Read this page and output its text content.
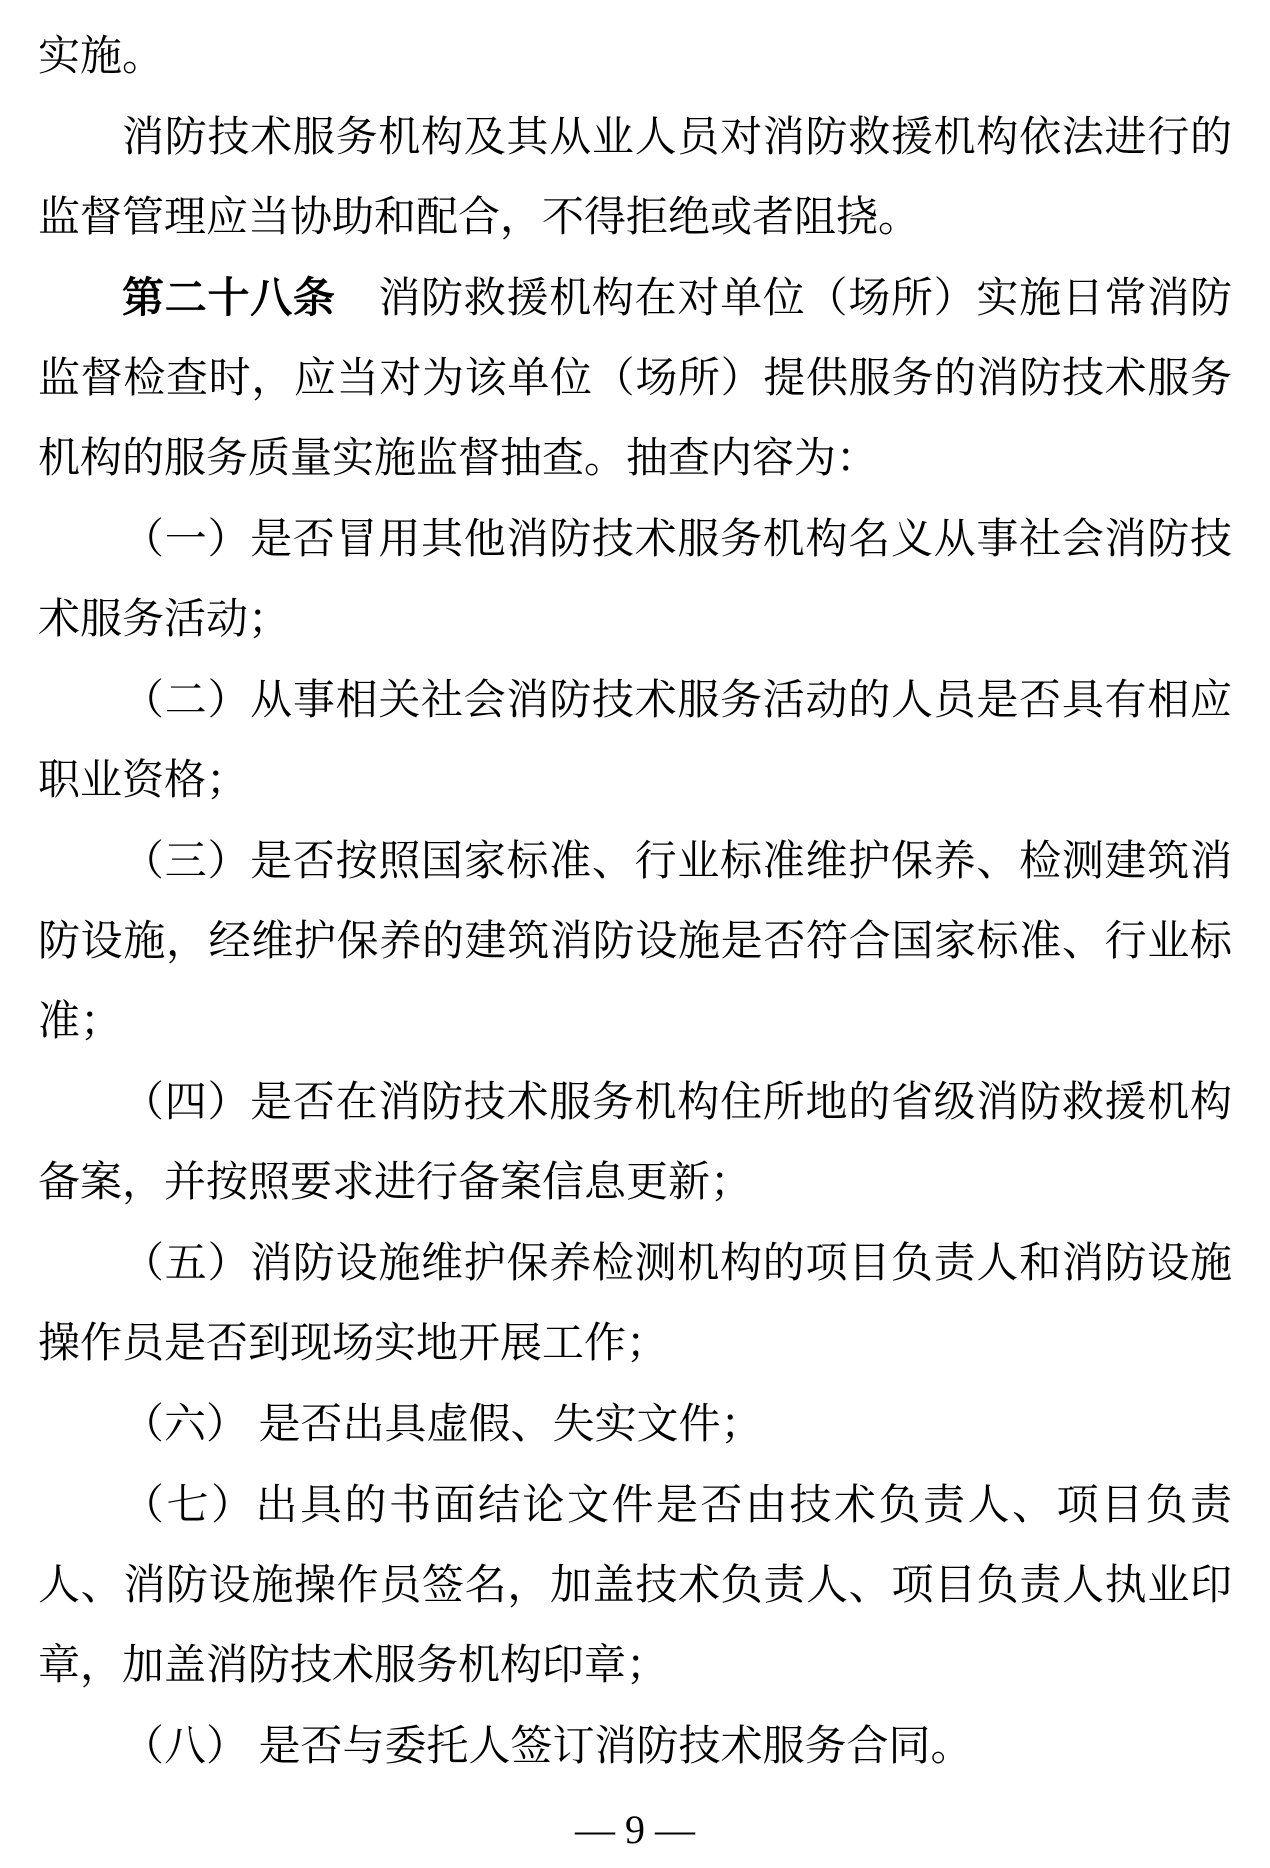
实施。

消防技术服务机构及其从业人员对消防救援机构依法进行的监督管理应当协助和配合，不得拒绝或者阻挠。

第二十八条　消防救援机构在对单位（场所）实施日常消防监督检查时，应当对为该单位（场所）提供服务的消防技术服务机构的服务质量实施监督抽查。抽查内容为：

（一）是否冒用其他消防技术服务机构名义从事社会消防技术服务活动；

（二）从事相关社会消防技术服务活动的人员是否具有相应职业资格；

（三）是否按照国家标准、行业标准维护保养、检测建筑消防设施，经维护保养的建筑消防设施是否符合国家标准、行业标准；

（四）是否在消防技术服务机构住所地的省级消防救援机构备案，并按照要求进行备案信息更新；

（五）消防设施维护保养检测机构的项目负责人和消防设施操作员是否到现场实地开展工作；

（六） 是否出具虚假、失实文件；

（七）出具的书面结论文件是否由技术负责人、项目负责人、消防设施操作员签名，加盖技术负责人、项目负责人执业印章，加盖消防技术服务机构印章；

（八） 是否与委托人签订消防技术服务合同。

— 9 —
